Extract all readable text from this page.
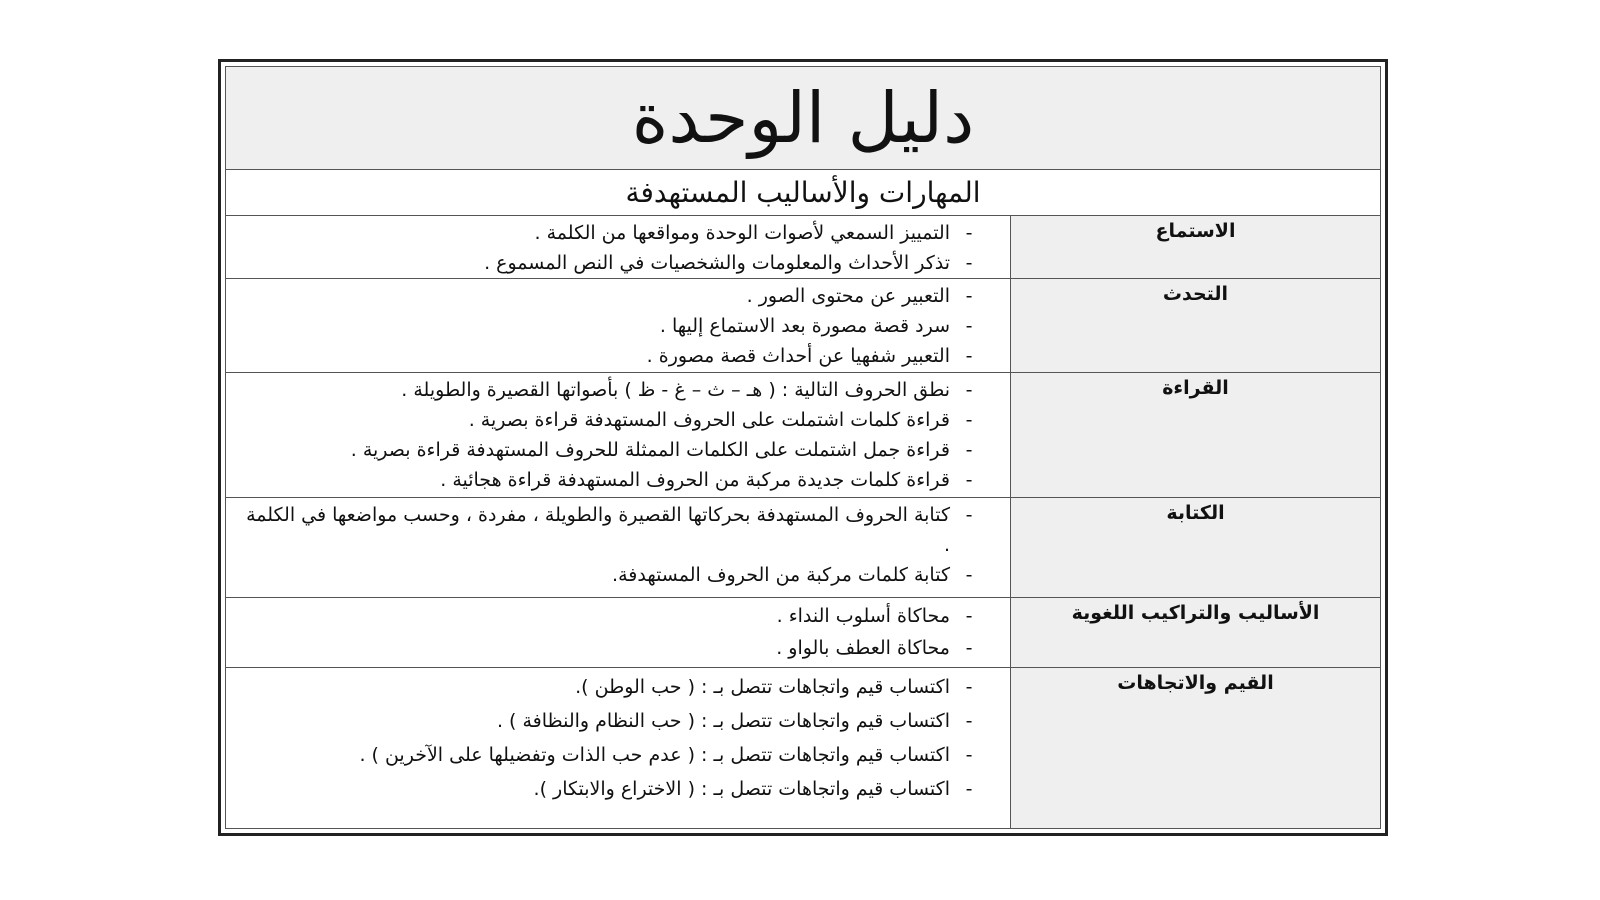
دليل الوحدة
المهارات والأساليب المستهدفة
الاستماع
-
التمييز السمعي لأصوات الوحدة ومواقعها من الكلمة .
-
تذكر الأحداث والمعلومات والشخصيات في النص المسموع .
التحدث
-
التعبير عن محتوى الصور .
-
سرد قصة مصورة بعد الاستماع إليها .
-
التعبير شفهيا عن أحداث قصة مصورة .
القراءة
-
نطق الحروف التالية : ( هـ – ث – غ - ظ ) بأصواتها القصيرة والطويلة .
-
قراءة كلمات اشتملت على الحروف المستهدفة قراءة بصرية .
-
قراءة جمل اشتملت على الكلمات الممثلة للحروف المستهدفة قراءة بصرية .
-
قراءة كلمات جديدة مركبة من الحروف المستهدفة قراءة هجائية .
الكتابة
-
كتابة الحروف المستهدفة بحركاتها القصيرة والطويلة ، مفردة ، وحسب مواضعها في الكلمة .
-
كتابة كلمات مركبة من الحروف المستهدفة.
الأساليب والتراكيب اللغوية
-
محاكاة أسلوب النداء .
-
محاكاة العطف بالواو .
القيم والاتجاهات
-
اكتساب قيم واتجاهات تتصل بـ : ( حب الوطن ).
-
اكتساب قيم واتجاهات تتصل بـ : ( حب النظام والنظافة ) .
-
اكتساب قيم واتجاهات تتصل بـ : ( عدم حب الذات وتفضيلها على الآخرين ) .
-
اكتساب قيم واتجاهات تتصل بـ : ( الاختراع والابتكار ).
